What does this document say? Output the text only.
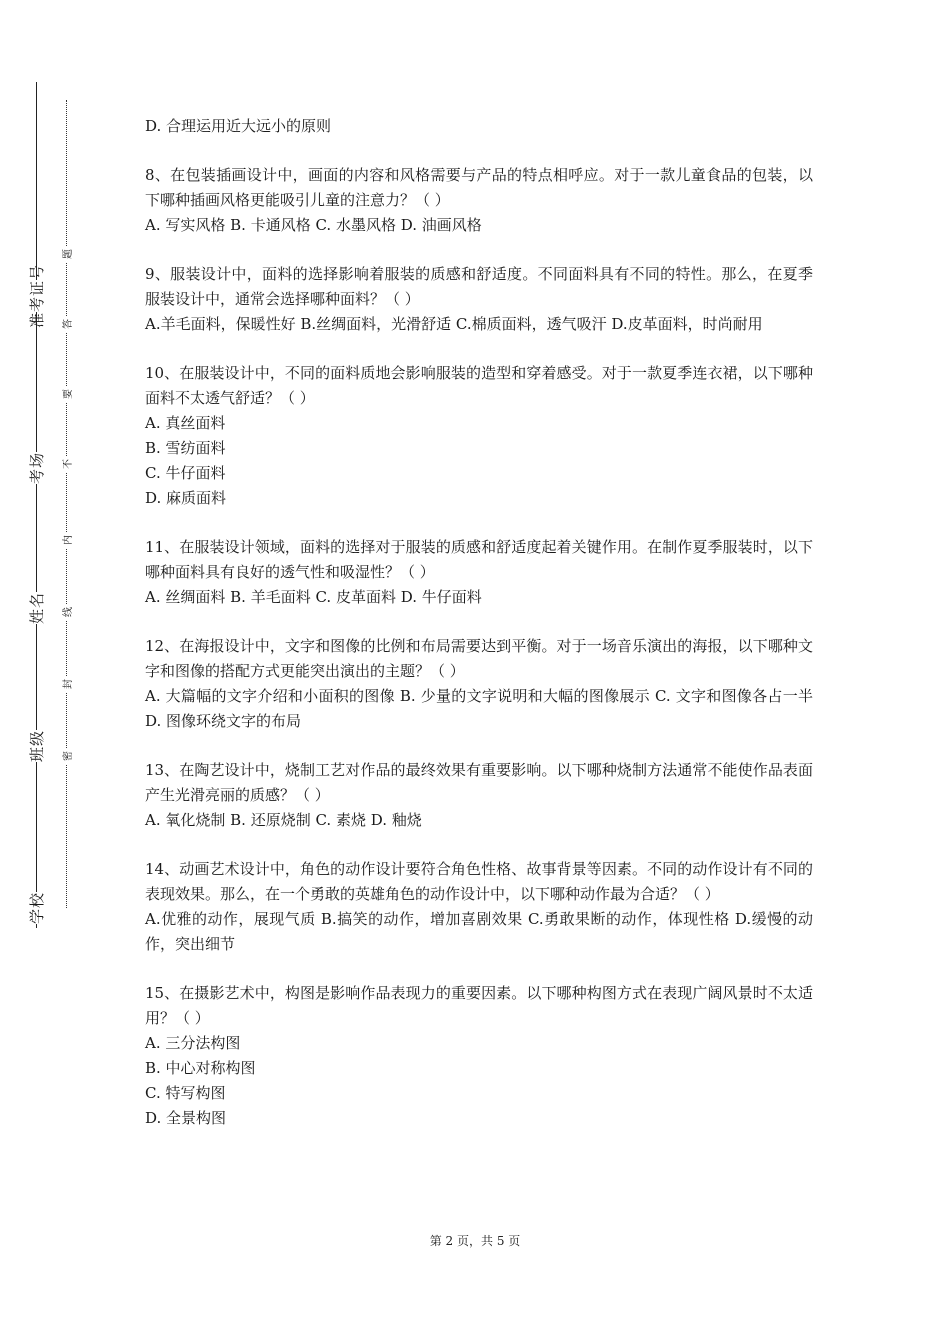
准考证号
考场
姓名
班级
学校
题
答
要
不
内
线
封
密
D. 合理运用近大远小的原则
8、在包装插画设计中，画面的内容和风格需要与产品的特点相呼应。对于一款儿童食品的包装，以下哪种插画风格更能吸引儿童的注意力？（ ）
A. 写实风格 B. 卡通风格 C. 水墨风格 D. 油画风格
9、服装设计中，面料的选择影响着服装的质感和舒适度。不同面料具有不同的特性。那么，在夏季服装设计中，通常会选择哪种面料？（ ）
A.羊毛面料，保暖性好 B.丝绸面料，光滑舒适 C.棉质面料，透气吸汗 D.皮革面料，时尚耐用
10、在服装设计中，不同的面料质地会影响服装的造型和穿着感受。对于一款夏季连衣裙，以下哪种面料不太透气舒适？（ ）
A. 真丝面料
B. 雪纺面料
C. 牛仔面料
D. 麻质面料
11、在服装设计领域，面料的选择对于服装的质感和舒适度起着关键作用。在制作夏季服装时，以下哪种面料具有良好的透气性和吸湿性？（ ）
A. 丝绸面料 B. 羊毛面料 C. 皮革面料 D. 牛仔面料
12、在海报设计中，文字和图像的比例和布局需要达到平衡。对于一场音乐演出的海报，以下哪种文字和图像的搭配方式更能突出演出的主题？（ ）
A. 大篇幅的文字介绍和小面积的图像 B. 少量的文字说明和大幅的图像展示 C. 文字和图像各占一半 D. 图像环绕文字的布局
13、在陶艺设计中，烧制工艺对作品的最终效果有重要影响。以下哪种烧制方法通常不能使作品表面产生光滑亮丽的质感？（ ）
A. 氧化烧制 B. 还原烧制 C. 素烧 D. 釉烧
14、动画艺术设计中，角色的动作设计要符合角色性格、故事背景等因素。不同的动作设计有不同的表现效果。那么，在一个勇敢的英雄角色的动作设计中，以下哪种动作最为合适？（ ）
A.优雅的动作，展现气质 B.搞笑的动作，增加喜剧效果 C.勇敢果断的动作，体现性格 D.缓慢的动作，突出细节
15、在摄影艺术中，构图是影响作品表现力的重要因素。以下哪种构图方式在表现广阔风景时不太适用？（ ）
A. 三分法构图
B. 中心对称构图
C. 特写构图
D. 全景构图
第 2 页，共 5 页
